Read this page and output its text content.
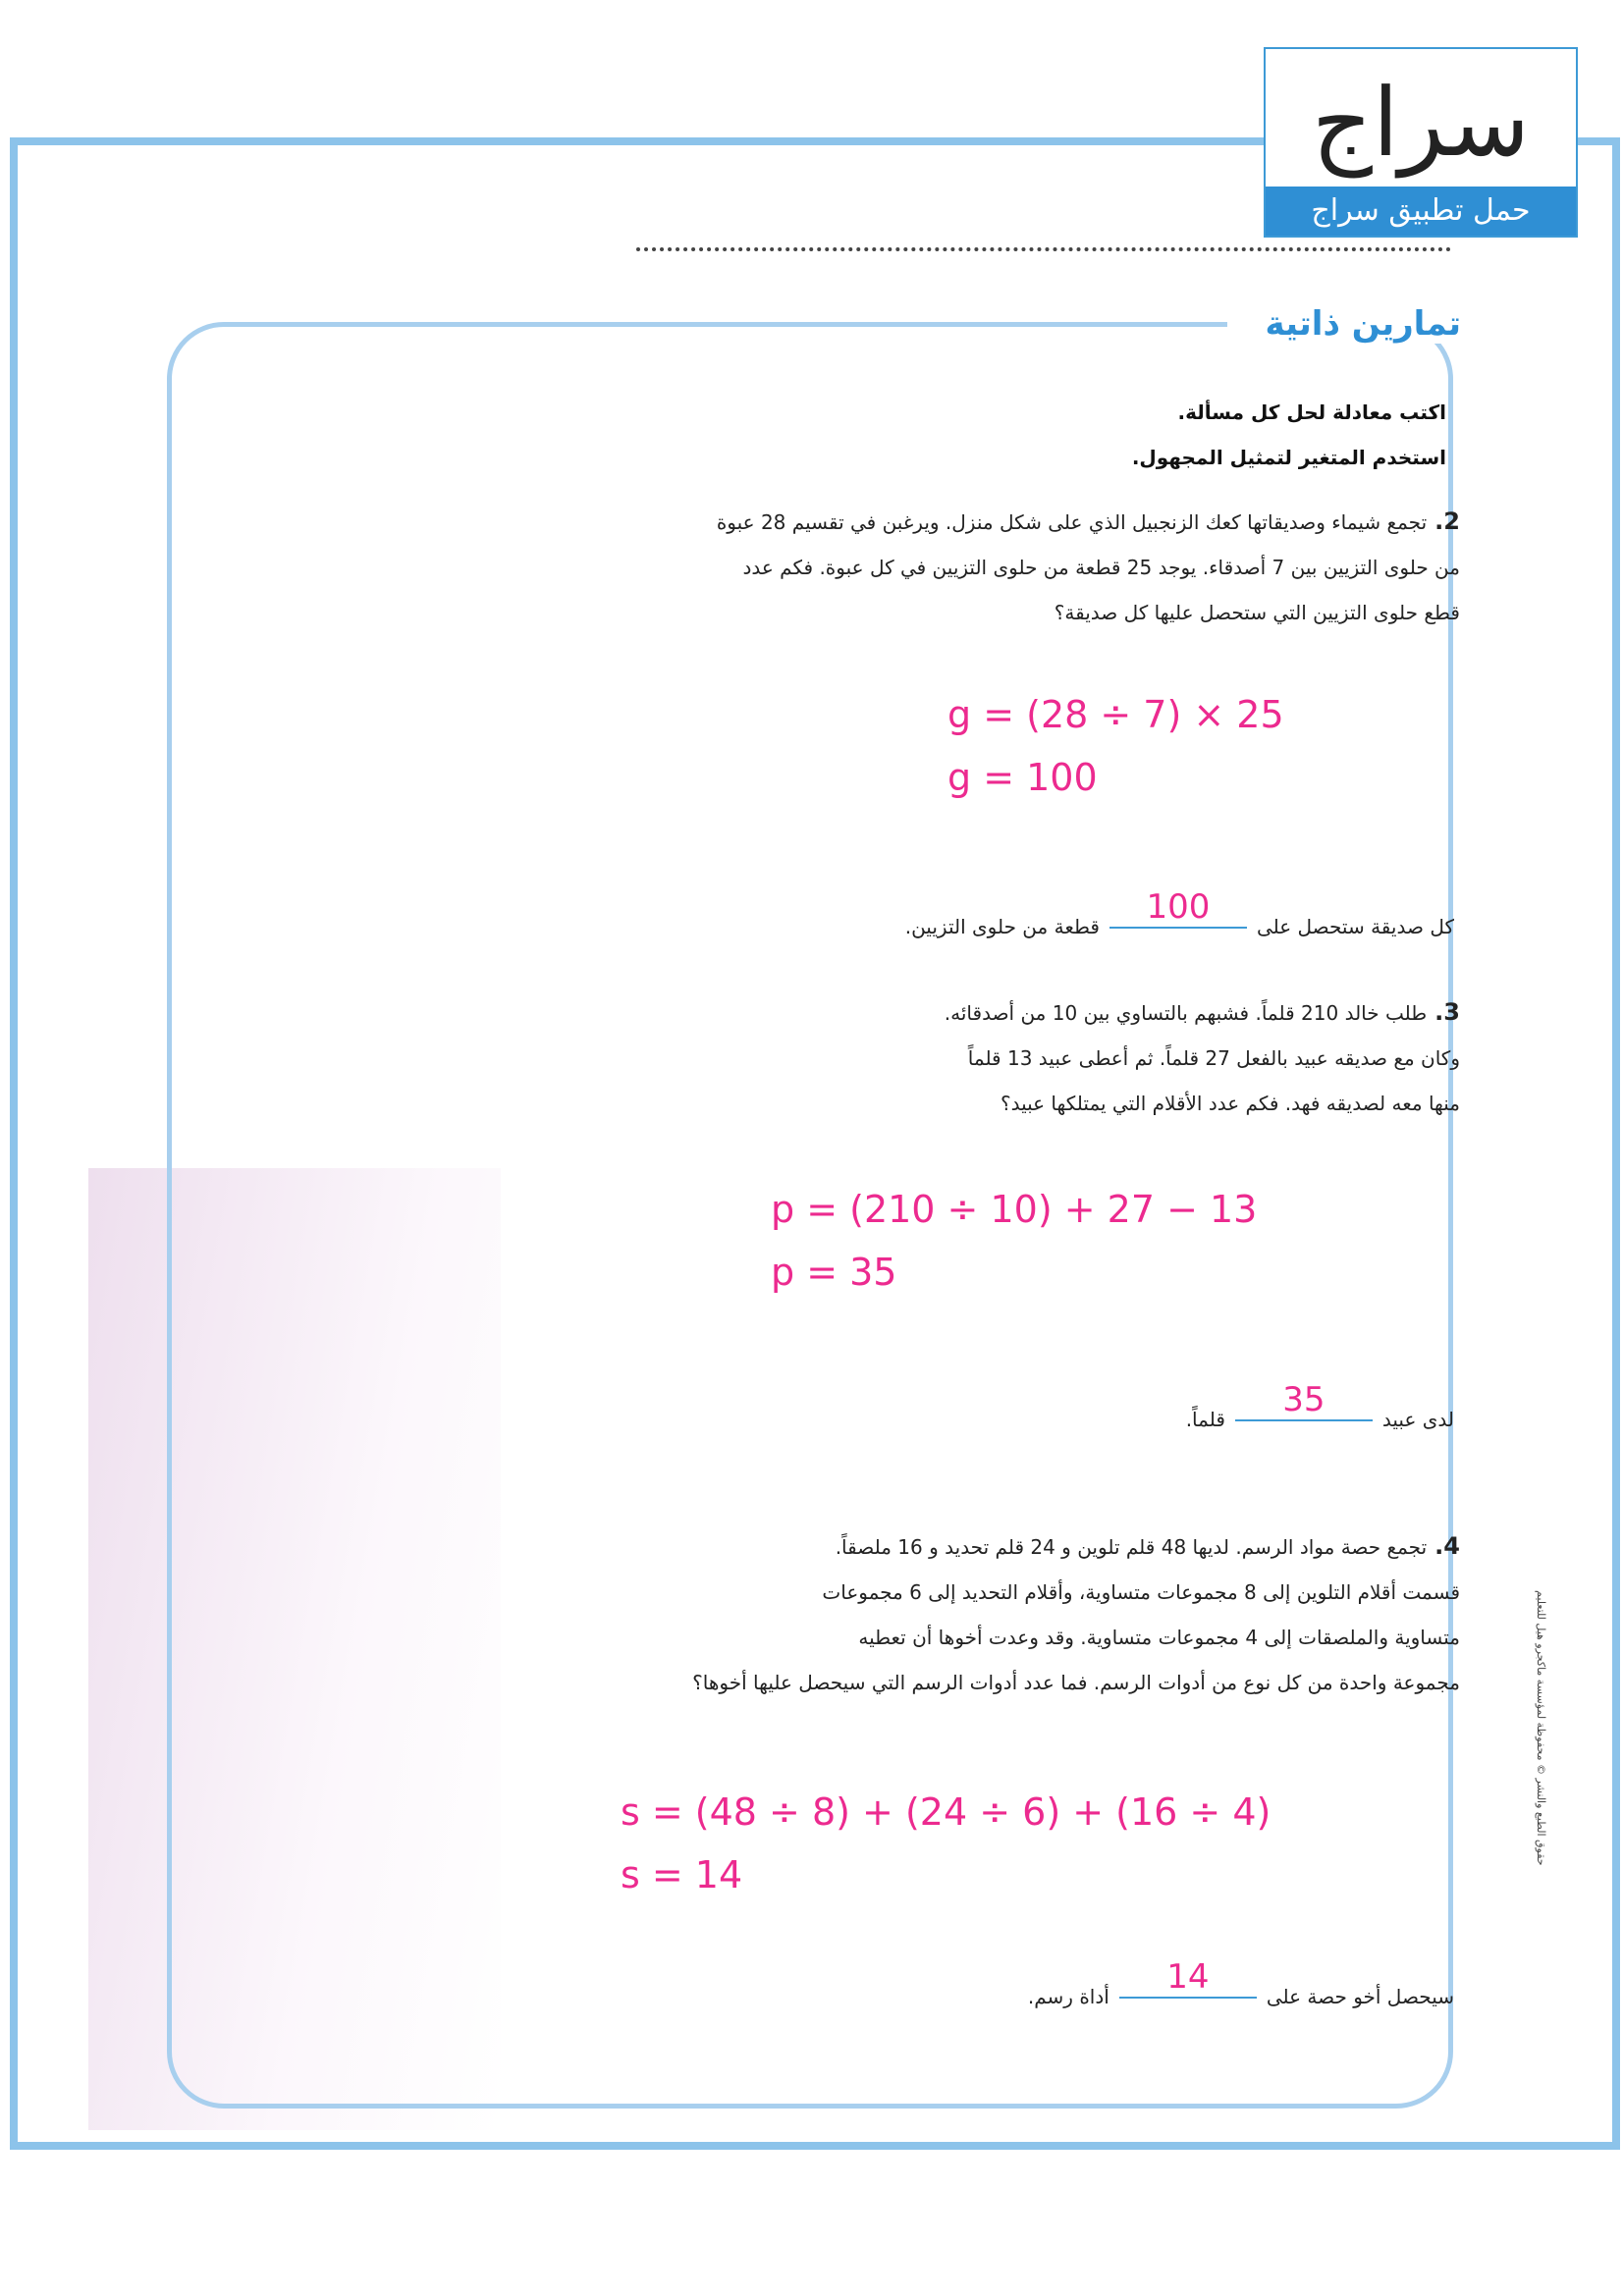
سراج
حمل تطبيق سراج
تمارين ذاتية
اكتب معادلة لحل كل مسألة.
استخدم المتغير لتمثيل المجهول.
2.تجمع شيماء وصديقاتها كعك الزنجبيل الذي على شكل منزل. ويرغبن في تقسيم 28 عبوة
من حلوى التزيين بين 7 أصدقاء. يوجد 25 قطعة من حلوى التزيين في كل عبوة. فكم عدد
قطع حلوى التزيين التي ستحصل عليها كل صديقة؟
g = (28 ÷ 7) × 25
g = 100
كل صديقة ستحصل على100قطعة من حلوى التزيين.
3.طلب خالد 210 قلماً. فشبهم بالتساوي بين 10 من أصدقائه.
وكان مع صديقه عبيد بالفعل 27 قلماً. ثم أعطى عبيد 13 قلماً
منها معه لصديقه فهد. فكم عدد الأقلام التي يمتلكها عبيد؟
p = (210 ÷ 10) + 27 − 13
p = 35
لدى عبيد35قلماً.
4.تجمع حصة مواد الرسم. لديها 48 قلم تلوين و 24 قلم تحديد و 16 ملصقاً.
قسمت أقلام التلوين إلى 8 مجموعات متساوية، وأقلام التحديد إلى 6 مجموعات
متساوية والملصقات إلى 4 مجموعات متساوية. وقد وعدت أخوها أن تعطيه
مجموعة واحدة من كل نوع من أدوات الرسم. فما عدد أدوات الرسم التي سيحصل عليها أخوها؟
s = (48 ÷ 8) + (24 ÷ 6) + (16 ÷ 4)
s = 14
سيحصل أخو حصة على14أداة رسم.
حقوق الطبع والنشر © محفوظة لمؤسسة ماكجرو هيل للتعليم
